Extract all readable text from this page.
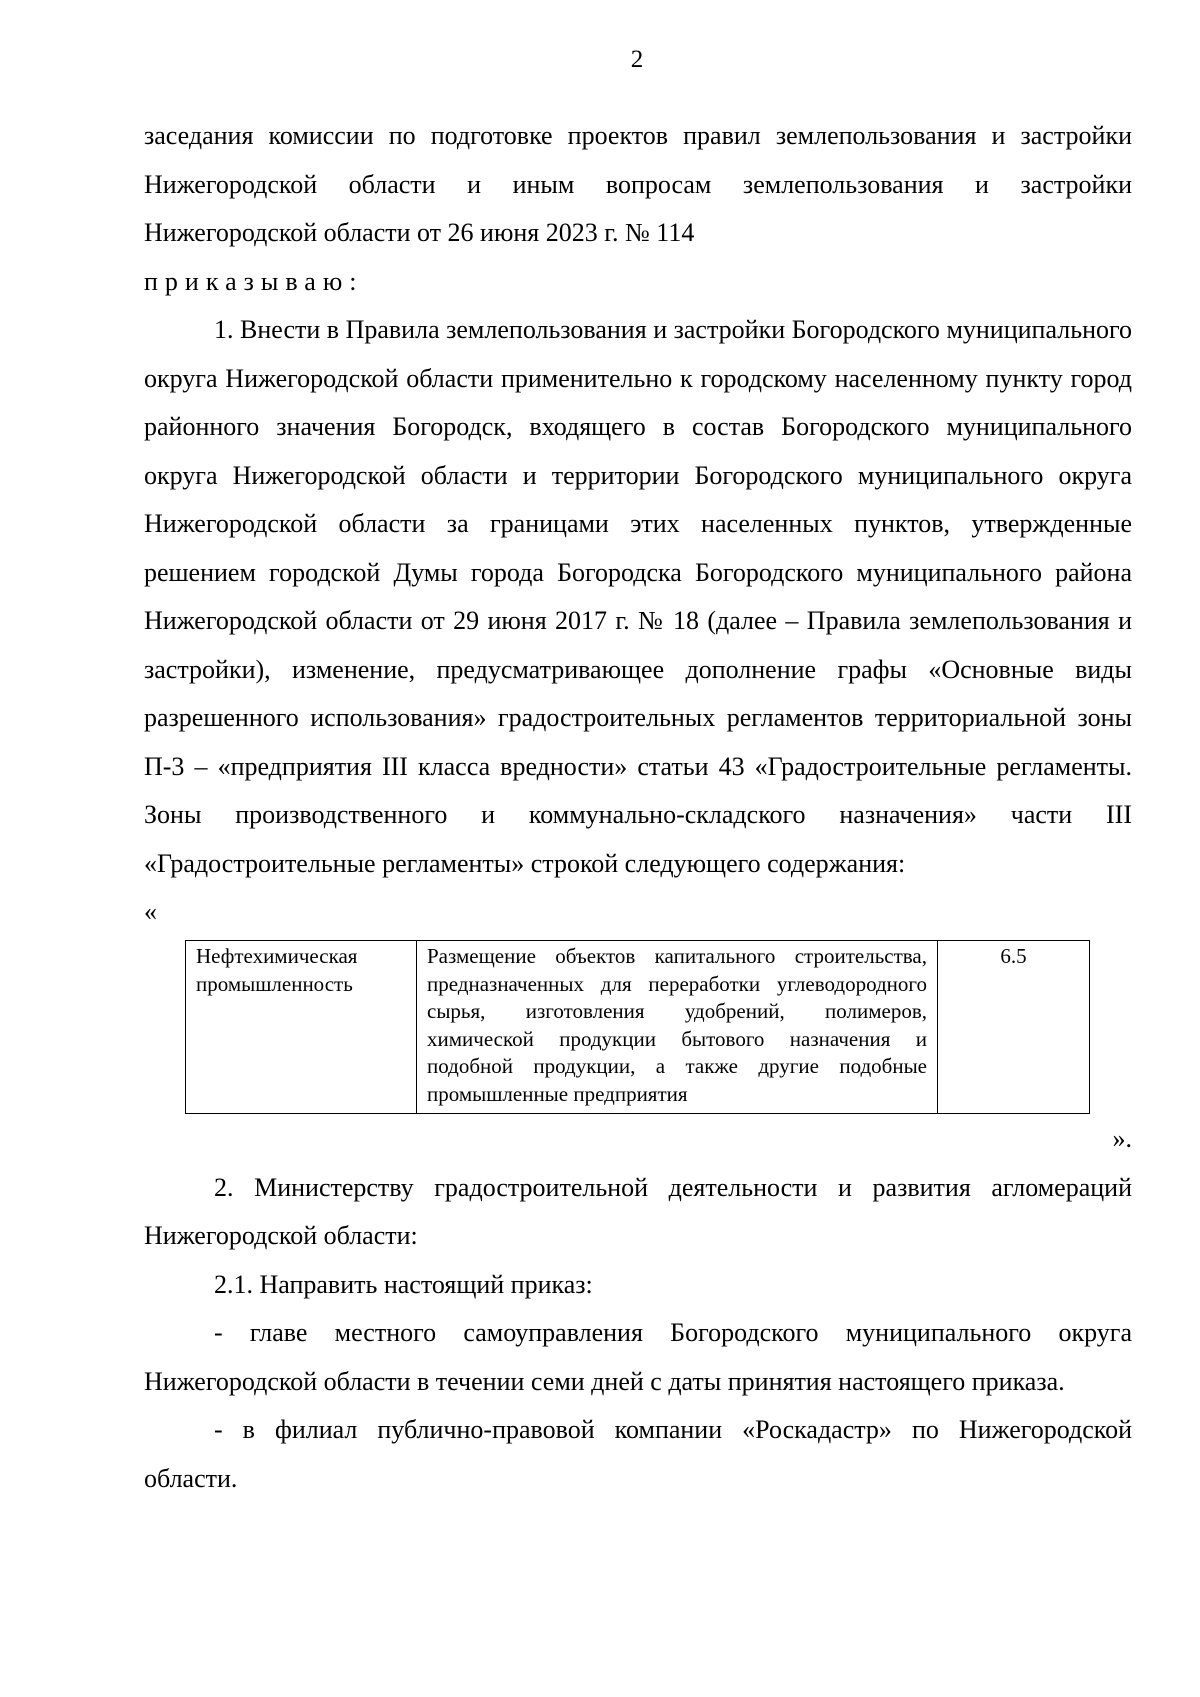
2

заседания комиссии по подготовке проектов правил землепользования и застройки Нижегородской области и иным вопросам землепользования и застройки Нижегородской области от 26 июня 2023 г. № 114

приказываю:

1. Внести в Правила землепользования и застройки Богородского муниципального округа Нижегородской области применительно к городскому населенному пункту город районного значения Богородск, входящего в состав Богородского муниципального округа Нижегородской области и территории Богородского муниципального округа Нижегородской области за границами этих населенных пунктов, утвержденные решением городской Думы города Богородска Богородского муниципального района Нижегородской области от 29 июня 2017 г. № 18 (далее – Правила землепользования и застройки), изменение, предусматривающее дополнение графы «Основные виды разрешенного использования» градостроительных регламентов территориальной зоны П-3 – «предприятия III класса вредности» статьи 43 «Градостроительные регламенты. Зоны производственного и коммунально-складского назначения» части III «Градостроительные регламенты» строкой следующего содержания:

«

Нефтехимическая промышленность	Размещение объектов капитального строительства, предназначенных для переработки углеводородного сырья, изготовления удобрений, полимеров, химической продукции бытового назначения и подобной продукции, а также другие подобные промышленные предприятия	6.5

».

2. Министерству градостроительной деятельности и развития агломераций Нижегородской области:

2.1. Направить настоящий приказ:

- главе местного самоуправления Богородского муниципального округа Нижегородской области в течении семи дней с даты принятия настоящего приказа.

- в филиал публично-правовой компании «Роскадастр» по Нижегородской области.
